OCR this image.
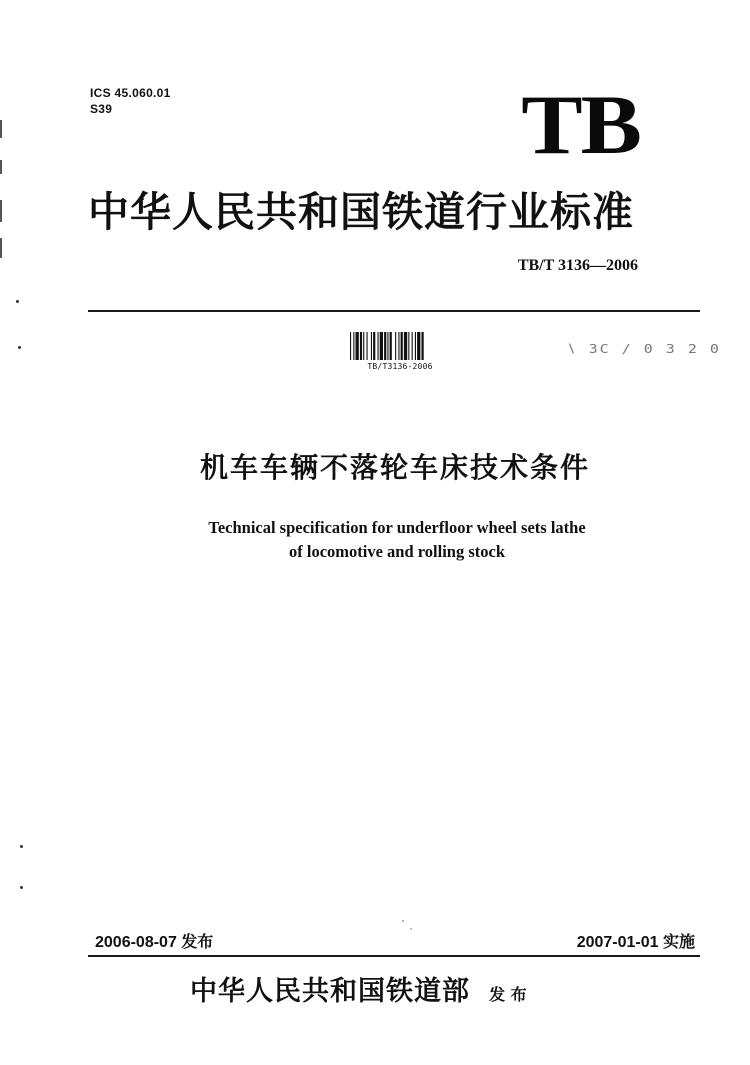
ICS 45.060.01
S39	TB
中华人民共和国铁道行业标准
TB/T 3136—2006
TB/T3136-2006
∖ 3C / 0 3 2 0
机车车辆不落轮车床技术条件
Technical specification for underfloor wheel sets lathe
of locomotive and rolling stock
2006-08-07 发布	2007-01-01 实施
中华人民共和国铁道部 发 布
